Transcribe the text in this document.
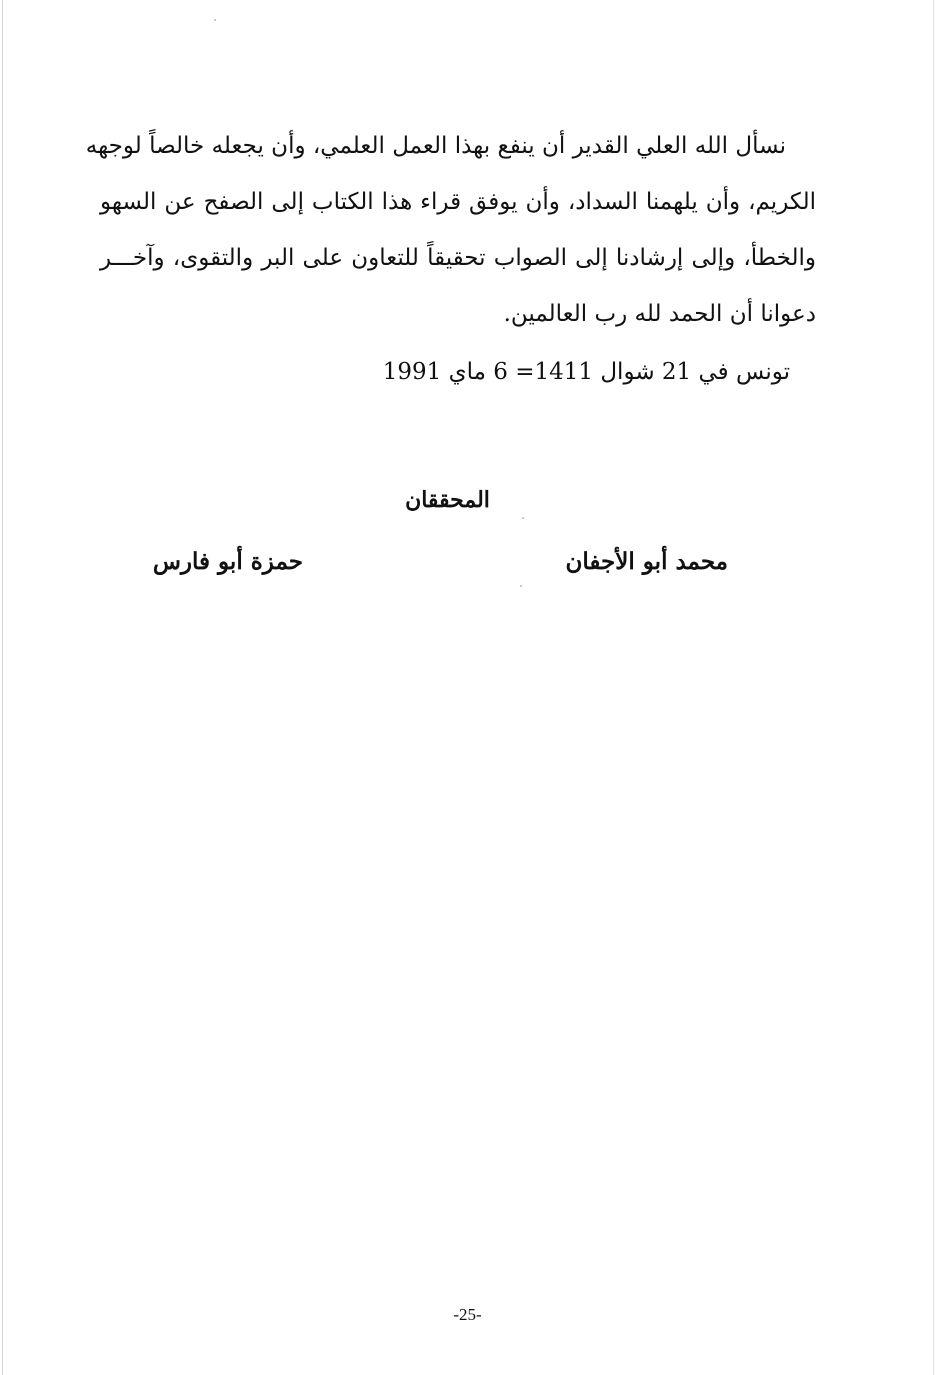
نسأل الله العلي القدير أن ينفع بهذا العمل العلمي، وأن يجعله خالصاً لوجهه
الكريم، وأن يلهمنا السداد، وأن يوفق قراء هذا الكتاب إلى الصفح عن السهو
والخطأ، وإلى إرشادنا إلى الصواب تحقيقاً للتعاون على البر والتقوى، وآخـــر
دعوانا أن الحمد لله رب العالمين.
تونس في 21 شوال 1411= 6 ماي 1991
المحققان
محمد أبو الأجفان
حمزة أبو فارس
-25-
